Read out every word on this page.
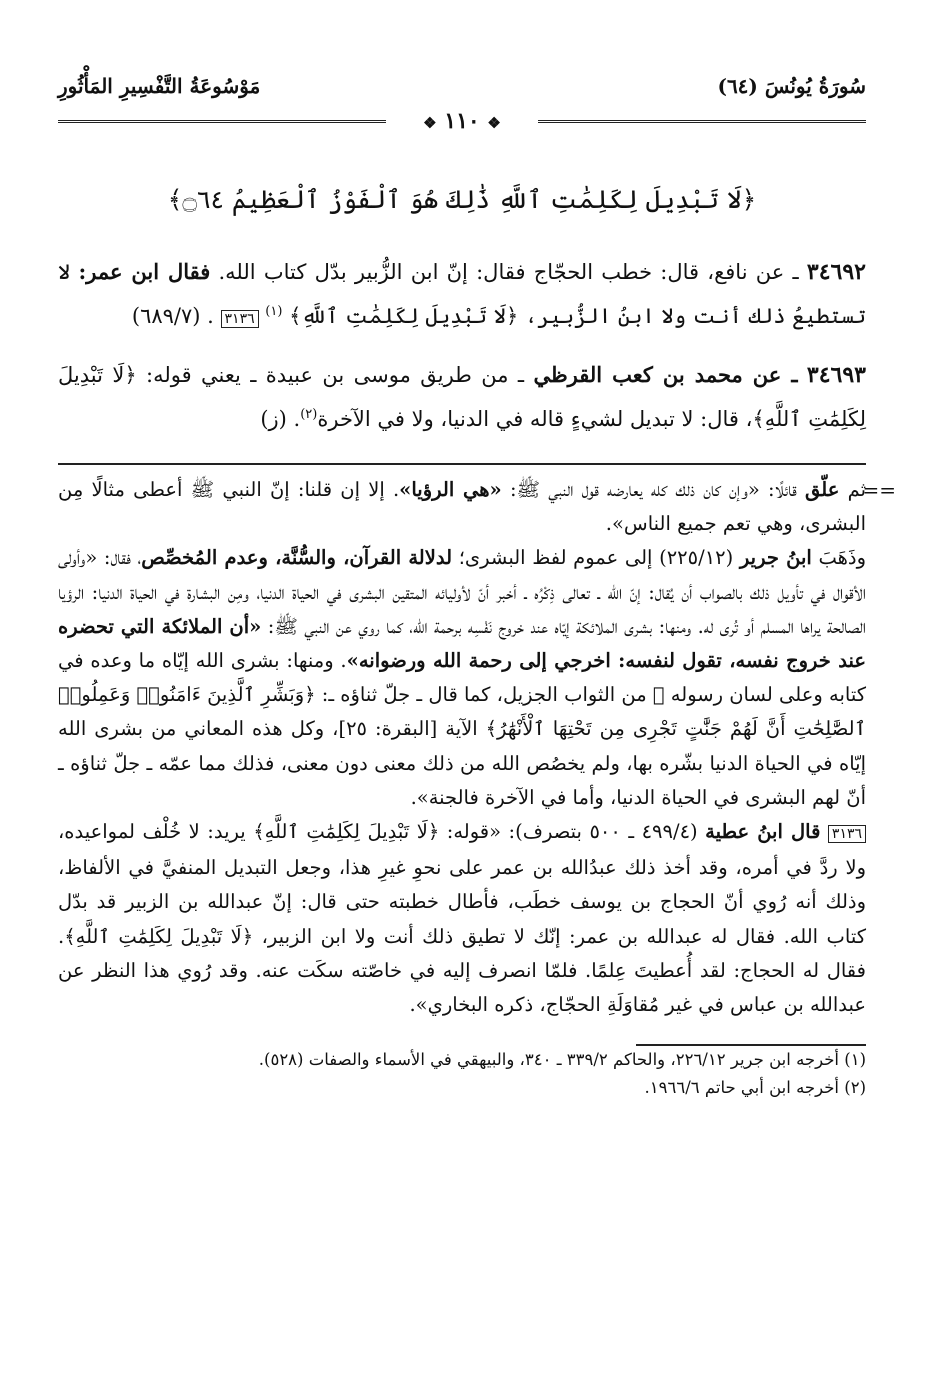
سُورَةُ يُونُسَ (٦٤)
مَوْسُوعَةُ التَّفْسِيرِ المَأْثُورِ
❖ ١١٠ ❖
﴿لَا تَبْدِيلَ لِكَلِمَٰتِ ٱللَّهِ ذَٰلِكَ هُوَ ٱلْفَوْزُ ٱلْعَظِيمُ ۝٦٤﴾
٣٤٦٩٢ ـ عن نافع، قال: خطب الحجّاج فقال: إنّ ابن الزُّبير بدّل كتاب الله. فقال ابن عمر: لا تستطيعُ ذلك أنت ولا ابنُ الزُّبير، ﴿لَا تَبْدِيلَ لِكَلِمَٰتِ ٱللَّهِ﴾ $^{(١)}$ ٣١٣٦ . (٦٨٩/٧)
٣٤٦٩٣ ـ عن محمد بن كعب القرظي ـ من طريق موسى بن عبيدة ـ يعني قوله: ﴿لَا تَبْدِيلَ لِكَلِمَٰتِ ٱللَّهِ﴾، قال: لا تبديل لشيءٍ قاله في الدنيا، ولا في الآخرة$^{(٢)}$. (ز)
==
ثم علّق قائلًا: «وإن كان ذلك كله يعارضه قول النبي ﷺ: «هي الرؤيا». إلا إن قلنا: إنّ النبي ﷺ أعطى مثالًا مِن البشرى، وهي تعم جميع الناس».
وذَهَبَ ابنُ جرير (٢٢٥/١٢) إلى عموم لفظ البشرى؛ لدلالة القرآن، والسُّنَّة، وعدم المُخصِّص، فقال: «وأولى الأقوال في تأويل ذلك بالصواب أن يُقال: إنّ الله ـ تعالى ذِكْرُه ـ أخبر أنّ لأوليائه المتقين البشرى في الحياة الدنيا، ومِن البشارة في الحياة الدنيا: الرؤيا الصالحة يراها المسلم أو تُرى له. ومنها: بشرى الملائكة إيّاه عند خروج نَفْسِه برحمة الله، كما روي عن النبي ﷺ: «أن الملائكة التي تحضره عند خروج نفسه، تقول لنفسه: اخرجي إلى رحمة الله ورضوانه». ومنها: بشرى الله إيّاه ما وعده في كتابه وعلى لسان رسوله ﷺ من الثواب الجزيل، كما قال ـ جلّ ثناؤه ـ: ﴿وَبَشِّرِ ٱلَّذِينَ ءَامَنُوا۟ وَعَمِلُوا۟ ٱلصَّٰلِحَٰتِ أَنَّ لَهُمْ جَنَّٰتٍ تَجْرِى مِن تَحْتِهَا ٱلْأَنْهَٰرُ﴾ الآية [البقرة: ٢٥]، وكل هذه المعاني من بشرى الله إيّاه في الحياة الدنيا بشّره بها، ولم يخصُص الله من ذلك معنى دون معنى، فذلك مما عمّه ـ جلّ ثناؤه ـ أنّ لهم البشرى في الحياة الدنيا، وأما في الآخرة فالجنة».
٣١٣٦ قال ابنُ عطية (٤٩٩/٤ ـ ٥٠٠ بتصرف): «قوله: ﴿لَا تَبْدِيلَ لِكَلِمَٰتِ ٱللَّهِ﴾ يريد: لا خُلْف لمواعيده، ولا ردَّ في أمره، وقد أخذ ذلك عبدُالله بن عمر على نحوِ غيرِ هذا، وجعل التبديل المنفيَّ في الألفاظ، وذلك أنه رُوي أنّ الحجاج بن يوسف خطَب، فأطال خطبته حتى قال: إنّ عبدالله بن الزبير قد بدّل كتاب الله. فقال له عبدالله بن عمر: إنّك لا تطيق ذلك أنت ولا ابن الزبير، ﴿لَا تَبْدِيلَ لِكَلِمَٰتِ ٱللَّهِ﴾. فقال له الحجاج: لقد أُعطيتَ عِلمًا. فلمّا انصرف إليه في خاصّته سكَت عنه. وقد رُوي هذا النظر عن عبدالله بن عباس في غير مُقاوَلَةِ الحجّاج، ذكره البخاري».
(١) أخرجه ابن جرير ٢٢٦/١٢، والحاكم ٣٣٩/٢ ـ ٣٤٠، والبيهقي في الأسماء والصفات (٥٢٨).
(٢) أخرجه ابن أبي حاتم ١٩٦٦/٦.
